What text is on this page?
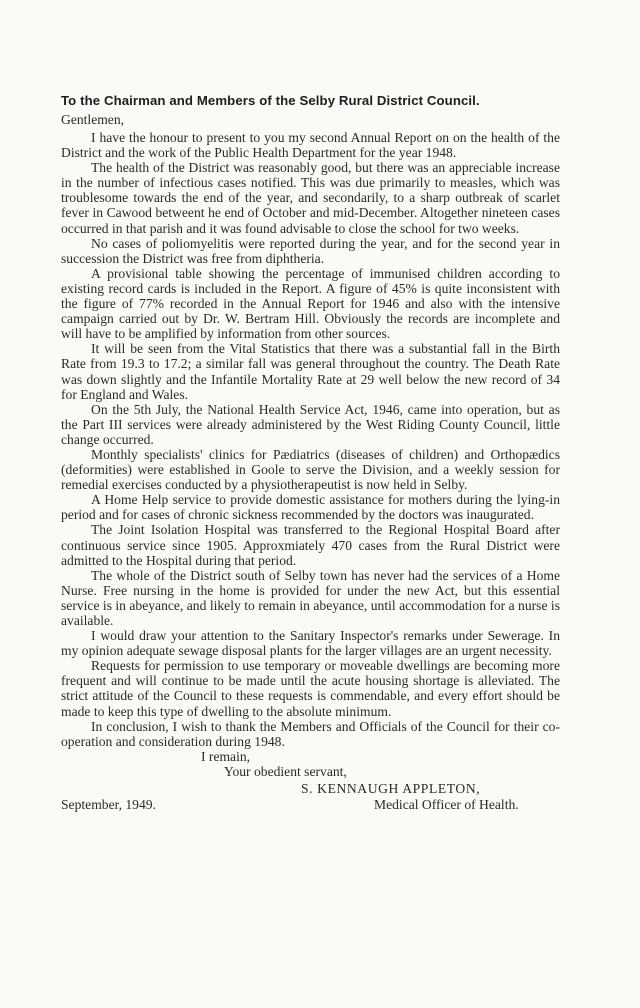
To the Chairman and Members of the Selby Rural District Council.

Gentlemen,

I have the honour to present to you my second Annual Report on on the health of the District and the work of the Public Health Department for the year 1948.

The health of the District was reasonably good, but there was an appreciable increase in the number of infectious cases notified. This was due primarily to measles, which was troublesome towards the end of the year, and secondarily, to a sharp outbreak of scarlet fever in Cawood betweent he end of October and mid-December. Altogether nineteen cases occurred in that parish and it was found advisable to close the school for two weeks.

No cases of poliomyelitis were reported during the year, and for the second year in succession the District was free from diphtheria.

A provisional table showing the percentage of immunised children according to existing record cards is included in the Report. A figure of 45% is quite inconsistent with the figure of 77% recorded in the Annual Report for 1946 and also with the intensive campaign carried out by Dr. W. Bertram Hill. Obviously the records are incomplete and will have to be amplified by information from other sources.

It will be seen from the Vital Statistics that there was a substantial fall in the Birth Rate from 19.3 to 17.2; a similar fall was general throughout the country. The Death Rate was down slightly and the Infantile Mortality Rate at 29 well below the new record of 34 for England and Wales.

On the 5th July, the National Health Service Act, 1946, came into operation, but as the Part III services were already administered by the West Riding County Council, little change occurred.

Monthly specialists' clinics for Pædiatrics (diseases of children) and Orthopædics (deformities) were established in Goole to serve the Division, and a weekly session for remedial exercises conducted by a physiotherapeutist is now held in Selby.

A Home Help service to provide domestic assistance for mothers during the lying-in period and for cases of chronic sickness recommended by the doctors was inaugurated.

The Joint Isolation Hospital was transferred to the Regional Hospital Board after continuous service since 1905. Approxmiately 470 cases from the Rural District were admitted to the Hospital during that period.

The whole of the District south of Selby town has never had the services of a Home Nurse. Free nursing in the home is provided for under the new Act, but this essential service is in abeyance, and likely to remain in abeyance, until accommodation for a nurse is available.

I would draw your attention to the Sanitary Inspector's remarks under Sewerage. In my opinion adequate sewage disposal plants for the larger villages are an urgent necessity.

Requests for permission to use temporary or moveable dwellings are becoming more frequent and will continue to be made until the acute housing shortage is alleviated. The strict attitude of the Council to these requests is commendable, and every effort should be made to keep this type of dwelling to the absolute minimum.

In conclusion, I wish to thank the Members and Officials of the Council for their co-operation and consideration during 1948.

I remain,
Your obedient servant,
S. KENNAUGH APPLETON,
September, 1949.	Medical Officer of Health.
